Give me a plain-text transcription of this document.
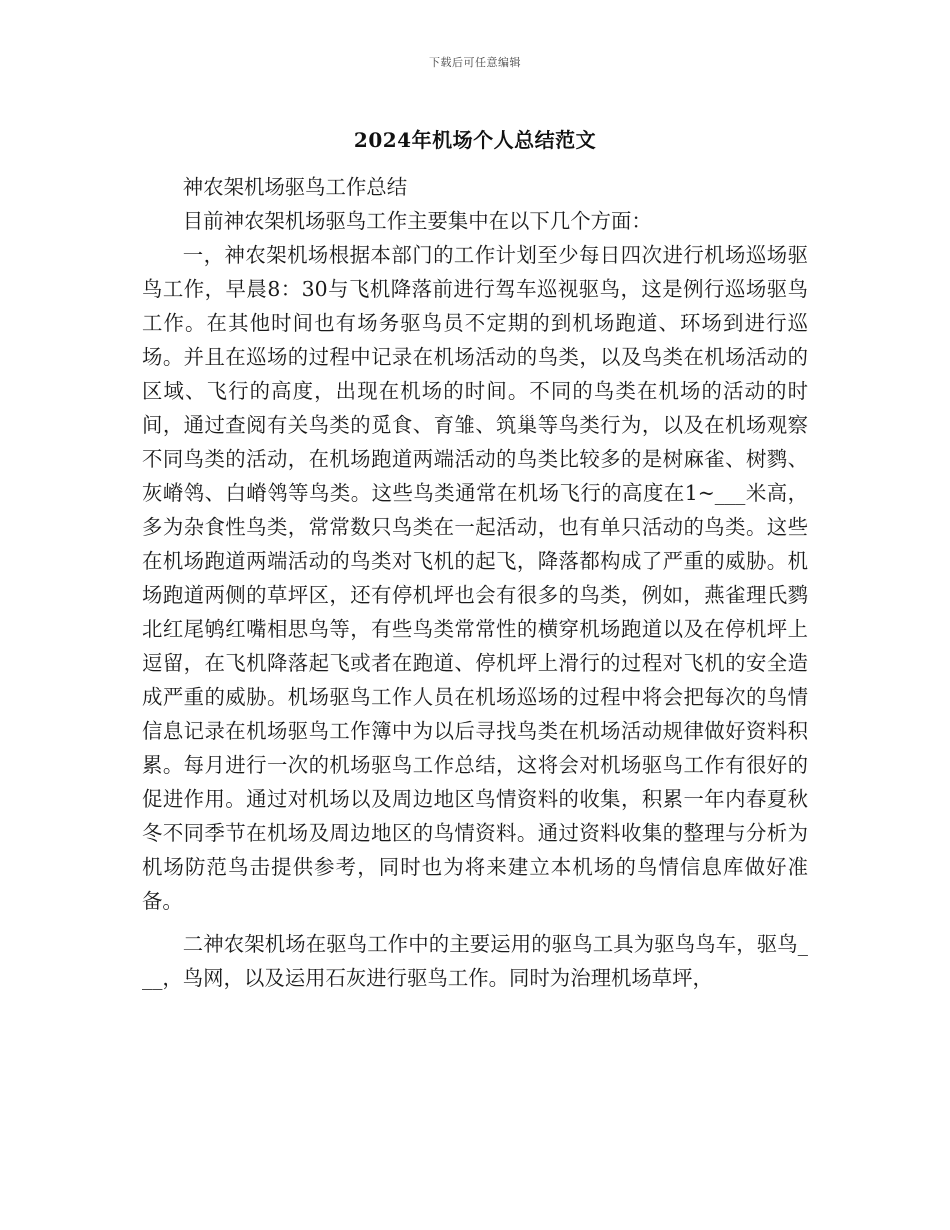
下载后可任意编辑
2024年机场个人总结范文

神农架机场驱鸟工作总结

目前神农架机场驱鸟工作主要集中在以下几个方面：

一，神农架机场根据本部门的工作计划至少每日四次进行机场巡场驱鸟工作，早晨8：30与飞机降落前进行驾车巡视驱鸟，这是例行巡场驱鸟工作。在其他时间也有场务驱鸟员不定期的到机场跑道、环场到进行巡场。并且在巡场的过程中记录在机场活动的鸟类，以及鸟类在机场活动的区域、飞行的高度，出现在机场的时间。不同的鸟类在机场的活动的时间，通过查阅有关鸟类的觅食、育雏、筑巢等鸟类行为，以及在机场观察不同鸟类的活动，在机场跑道两端活动的鸟类比较多的是树麻雀、树鹨、灰嵴鸰、白嵴鸰等鸟类。这些鸟类通常在机场飞行的高度在1~___米高，多为杂食性鸟类，常常数只鸟类在一起活动，也有单只活动的鸟类。这些在机场跑道两端活动的鸟类对飞机的起飞，降落都构成了严重的威胁。机场跑道两侧的草坪区，还有停机坪也会有很多的鸟类，例如，燕雀理氏鹨北红尾鸲红嘴相思鸟等，有些鸟类常常性的横穿机场跑道以及在停机坪上逗留，在飞机降落起飞或者在跑道、停机坪上滑行的过程对飞机的安全造成严重的威胁。机场驱鸟工作人员在机场巡场的过程中将会把每次的鸟情信息记录在机场驱鸟工作簿中为以后寻找鸟类在机场活动规律做好资料积累。每月进行一次的机场驱鸟工作总结，这将会对机场驱鸟工作有很好的促进作用。通过对机场以及周边地区鸟情资料的收集，积累一年内春夏秋冬不同季节在机场及周边地区的鸟情资料。通过资料收集的整理与分析为机场防范鸟击提供参考，同时也为将来建立本机场的鸟情信息库做好准备。

二神农架机场在驱鸟工作中的主要运用的驱鸟工具为驱鸟鸟车，驱鸟___，鸟网，以及运用石灰进行驱鸟工作。同时为治理机场草坪，
